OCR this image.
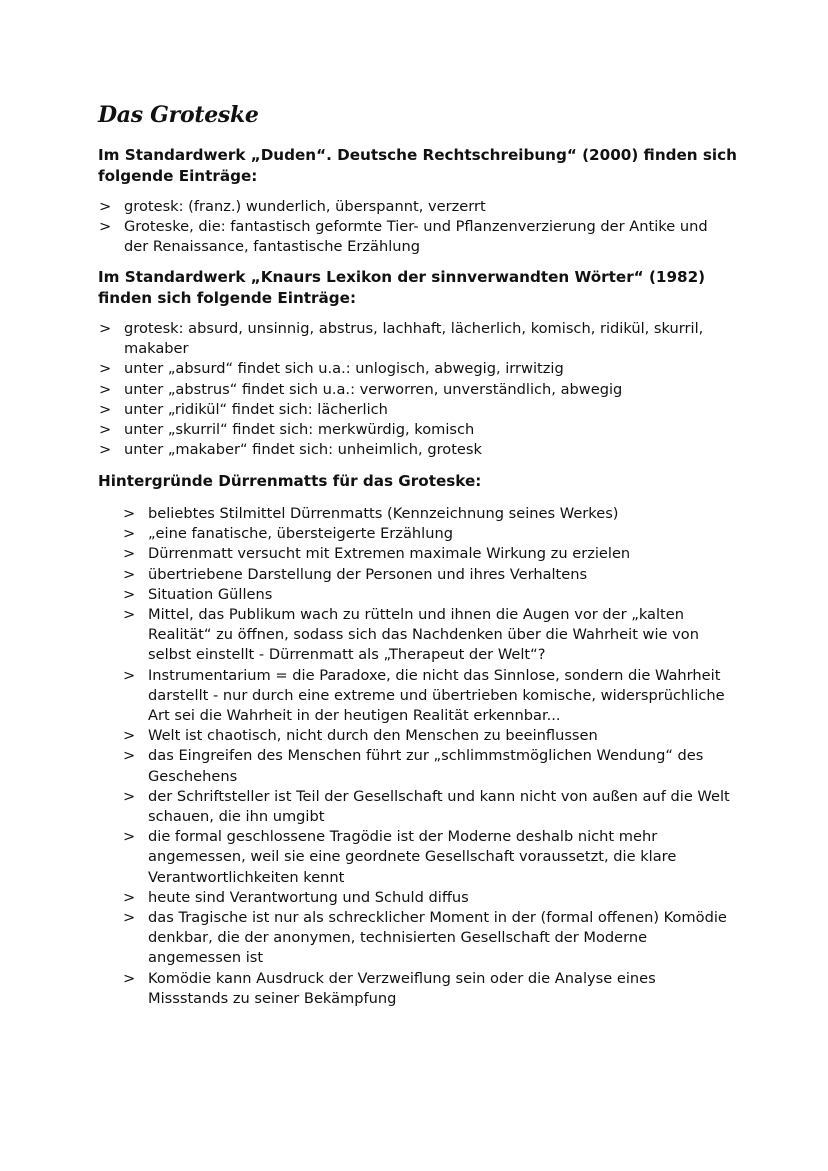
Das Groteske
Im Standardwerk „Duden“. Deutsche Rechtschreibung“ (2000) finden sich folgende Einträge:
> grotesk: (franz.) wunderlich, überspannt, verzerrt
> Groteske, die: fantastisch geformte Tier- und Pflanzenverzierung der Antike und der Renaissance, fantastische Erzählung
Im Standardwerk „Knaurs Lexikon der sinnverwandten Wörter“ (1982) finden sich folgende Einträge:
> grotesk: absurd, unsinnig, abstrus, lachhaft, lächerlich, komisch, ridikül, skurril, makaber
> unter „absurd“ findet sich u.a.: unlogisch, abwegig, irrwitzig
> unter „abstrus“ findet sich u.a.: verworren, unverständlich, abwegig
> unter „ridikül“ findet sich: lächerlich
> unter „skurril“ findet sich: merkwürdig, komisch
> unter „makaber“ findet sich: unheimlich, grotesk
Hintergründe Dürrenmatts für das Groteske:
> beliebtes Stilmittel Dürrenmatts (Kennzeichnung seines Werkes)
> „eine fanatische, übersteigerte Erzählung
> Dürrenmatt versucht mit Extremen maximale Wirkung zu erzielen
> übertriebene Darstellung der Personen und ihres Verhaltens
> Situation Güllens
> Mittel, das Publikum wach zu rütteln und ihnen die Augen vor der „kalten Realität“ zu öffnen, sodass sich das Nachdenken über die Wahrheit wie von selbst einstellt - Dürrenmatt als „Therapeut der Welt“?
> Instrumentarium = die Paradoxe, die nicht das Sinnlose, sondern die Wahrheit darstellt - nur durch eine extreme und übertrieben komische, widersprüchliche Art sei die Wahrheit in der heutigen Realität erkennbar...
> Welt ist chaotisch, nicht durch den Menschen zu beeinflussen
> das Eingreifen des Menschen führt zur „schlimmstmöglichen Wendung“ des Geschehens
> der Schriftsteller ist Teil der Gesellschaft und kann nicht von außen auf die Welt schauen, die ihn umgibt
> die formal geschlossene Tragödie ist der Moderne deshalb nicht mehr angemessen, weil sie eine geordnete Gesellschaft voraussetzt, die klare Verantwortlichkeiten kennt
> heute sind Verantwortung und Schuld diffus
> das Tragische ist nur als schrecklicher Moment in der (formal offenen) Komödie denkbar, die der anonymen, technisierten Gesellschaft der Moderne angemessen ist
> Komödie kann Ausdruck der Verzweiflung sein oder die Analyse eines Missstands zu seiner Bekämpfung
